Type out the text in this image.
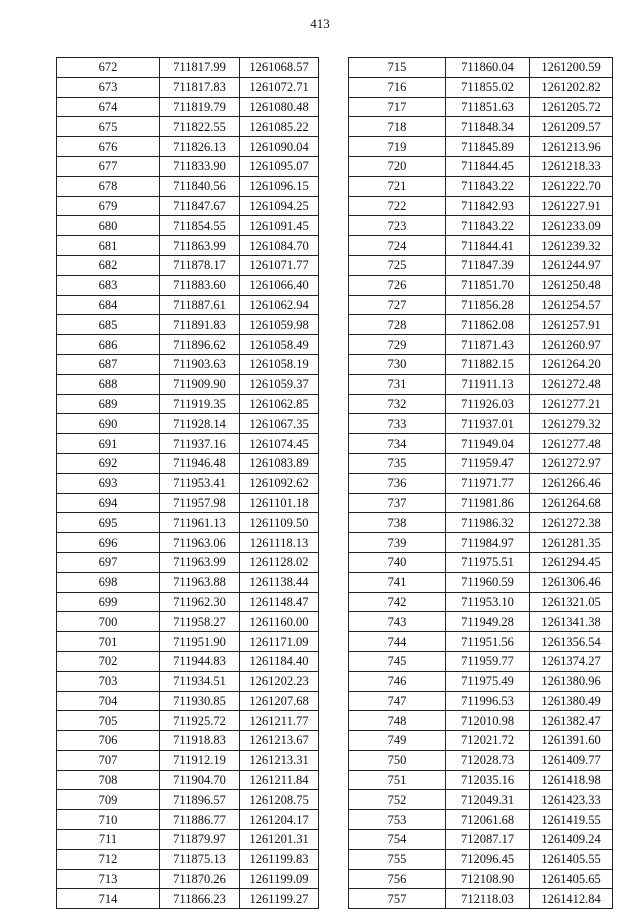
413
672	711817.99	1261068.57
673	711817.83	1261072.71
674	711819.79	1261080.48
675	711822.55	1261085.22
676	711826.13	1261090.04
677	711833.90	1261095.07
678	711840.56	1261096.15
679	711847.67	1261094.25
680	711854.55	1261091.45
681	711863.99	1261084.70
682	711878.17	1261071.77
683	711883.60	1261066.40
684	711887.61	1261062.94
685	711891.83	1261059.98
686	711896.62	1261058.49
687	711903.63	1261058.19
688	711909.90	1261059.37
689	711919.35	1261062.85
690	711928.14	1261067.35
691	711937.16	1261074.45
692	711946.48	1261083.89
693	711953.41	1261092.62
694	711957.98	1261101.18
695	711961.13	1261109.50
696	711963.06	1261118.13
697	711963.99	1261128.02
698	711963.88	1261138.44
699	711962.30	1261148.47
700	711958.27	1261160.00
701	711951.90	1261171.09
702	711944.83	1261184.40
703	711934.51	1261202.23
704	711930.85	1261207.68
705	711925.72	1261211.77
706	711918.83	1261213.67
707	711912.19	1261213.31
708	711904.70	1261211.84
709	711896.57	1261208.75
710	711886.77	1261204.17
711	711879.97	1261201.31
712	711875.13	1261199.83
713	711870.26	1261199.09
714	711866.23	1261199.27
715	711860.04	1261200.59
716	711855.02	1261202.82
717	711851.63	1261205.72
718	711848.34	1261209.57
719	711845.89	1261213.96
720	711844.45	1261218.33
721	711843.22	1261222.70
722	711842.93	1261227.91
723	711843.22	1261233.09
724	711844.41	1261239.32
725	711847.39	1261244.97
726	711851.70	1261250.48
727	711856.28	1261254.57
728	711862.08	1261257.91
729	711871.43	1261260.97
730	711882.15	1261264.20
731	711911.13	1261272.48
732	711926.03	1261277.21
733	711937.01	1261279.32
734	711949.04	1261277.48
735	711959.47	1261272.97
736	711971.77	1261266.46
737	711981.86	1261264.68
738	711986.32	1261272.38
739	711984.97	1261281.35
740	711975.51	1261294.45
741	711960.59	1261306.46
742	711953.10	1261321.05
743	711949.28	1261341.38
744	711951.56	1261356.54
745	711959.77	1261374.27
746	711975.49	1261380.96
747	711996.53	1261380.49
748	712010.98	1261382.47
749	712021.72	1261391.60
750	712028.73	1261409.77
751	712035.16	1261418.98
752	712049.31	1261423.33
753	712061.68	1261419.55
754	712087.17	1261409.24
755	712096.45	1261405.55
756	712108.90	1261405.65
757	712118.03	1261412.84
